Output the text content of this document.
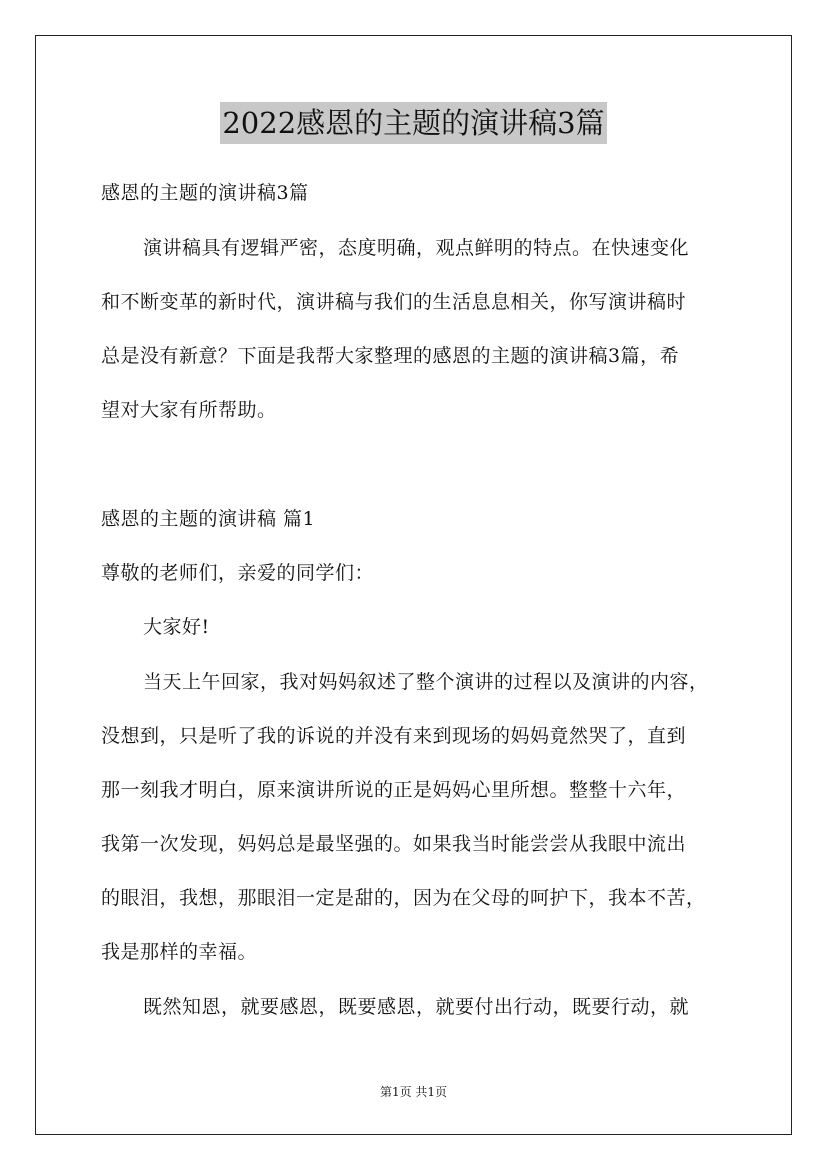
2022感恩的主题的演讲稿3篇
感恩的主题的演讲稿3篇
演讲稿具有逻辑严密，态度明确，观点鲜明的特点。在快速变化
和不断变革的新时代，演讲稿与我们的生活息息相关，你写演讲稿时
总是没有新意？下面是我帮大家整理的感恩的主题的演讲稿3篇，希
望对大家有所帮助。
感恩的主题的演讲稿 篇1
尊敬的老师们，亲爱的同学们：
大家好!
当天上午回家，我对妈妈叙述了整个演讲的过程以及演讲的内容，
没想到，只是听了我的诉说的并没有来到现场的妈妈竟然哭了，直到
那一刻我才明白，原来演讲所说的正是妈妈心里所想。整整十六年，
我第一次发现，妈妈总是最坚强的。如果我当时能尝尝从我眼中流出
的眼泪，我想，那眼泪一定是甜的，因为在父母的呵护下，我本不苦，
我是那样的幸福。
既然知恩，就要感恩，既要感恩，就要付出行动，既要行动，就
第1页 共1页
